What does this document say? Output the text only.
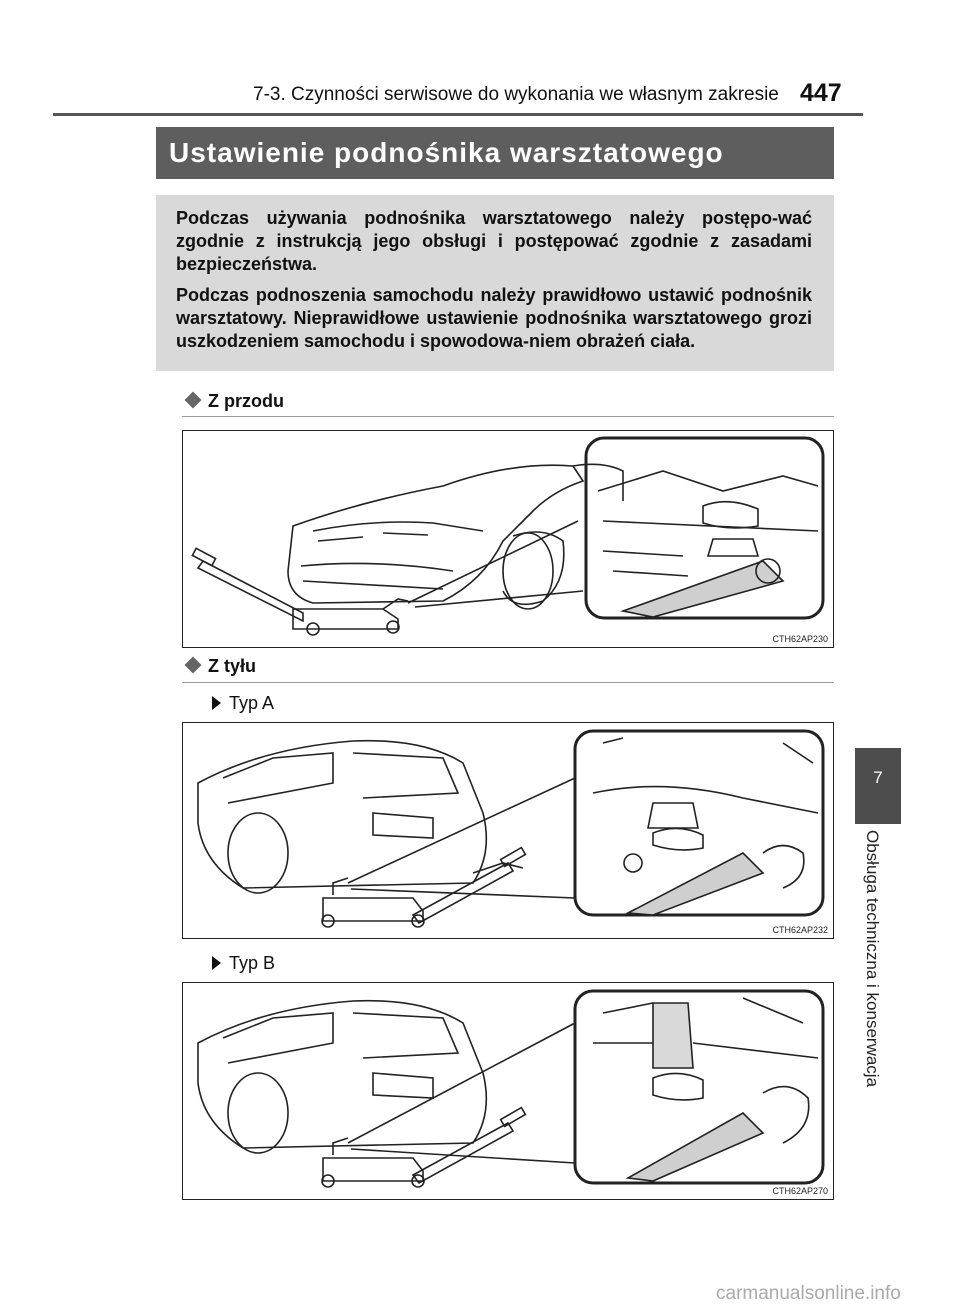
7-3. Czynności serwisowe do wykonania we własnym zakresie 447
7
Obsługa techniczna i konserwacja
Ustawienie podnośnika warsztatowego

Podczas używania podnośnika warsztatowego należy postępo-wać zgodnie z instrukcją jego obsługi i postępować zgodnie z zasadami bezpieczeństwa.

Podczas podnoszenia samochodu należy prawidłowo ustawić podnośnik warsztatowy. Nieprawidłowe ustawienie podnośnika warsztatowego grozi uszkodzeniem samochodu i spowodowa-niem obrażeń ciała.

Z przodu
CTH62AP230
Z tyłu
Typ A
CTH62AP232
Typ B
CTH62AP270
carmanualsonline.info
